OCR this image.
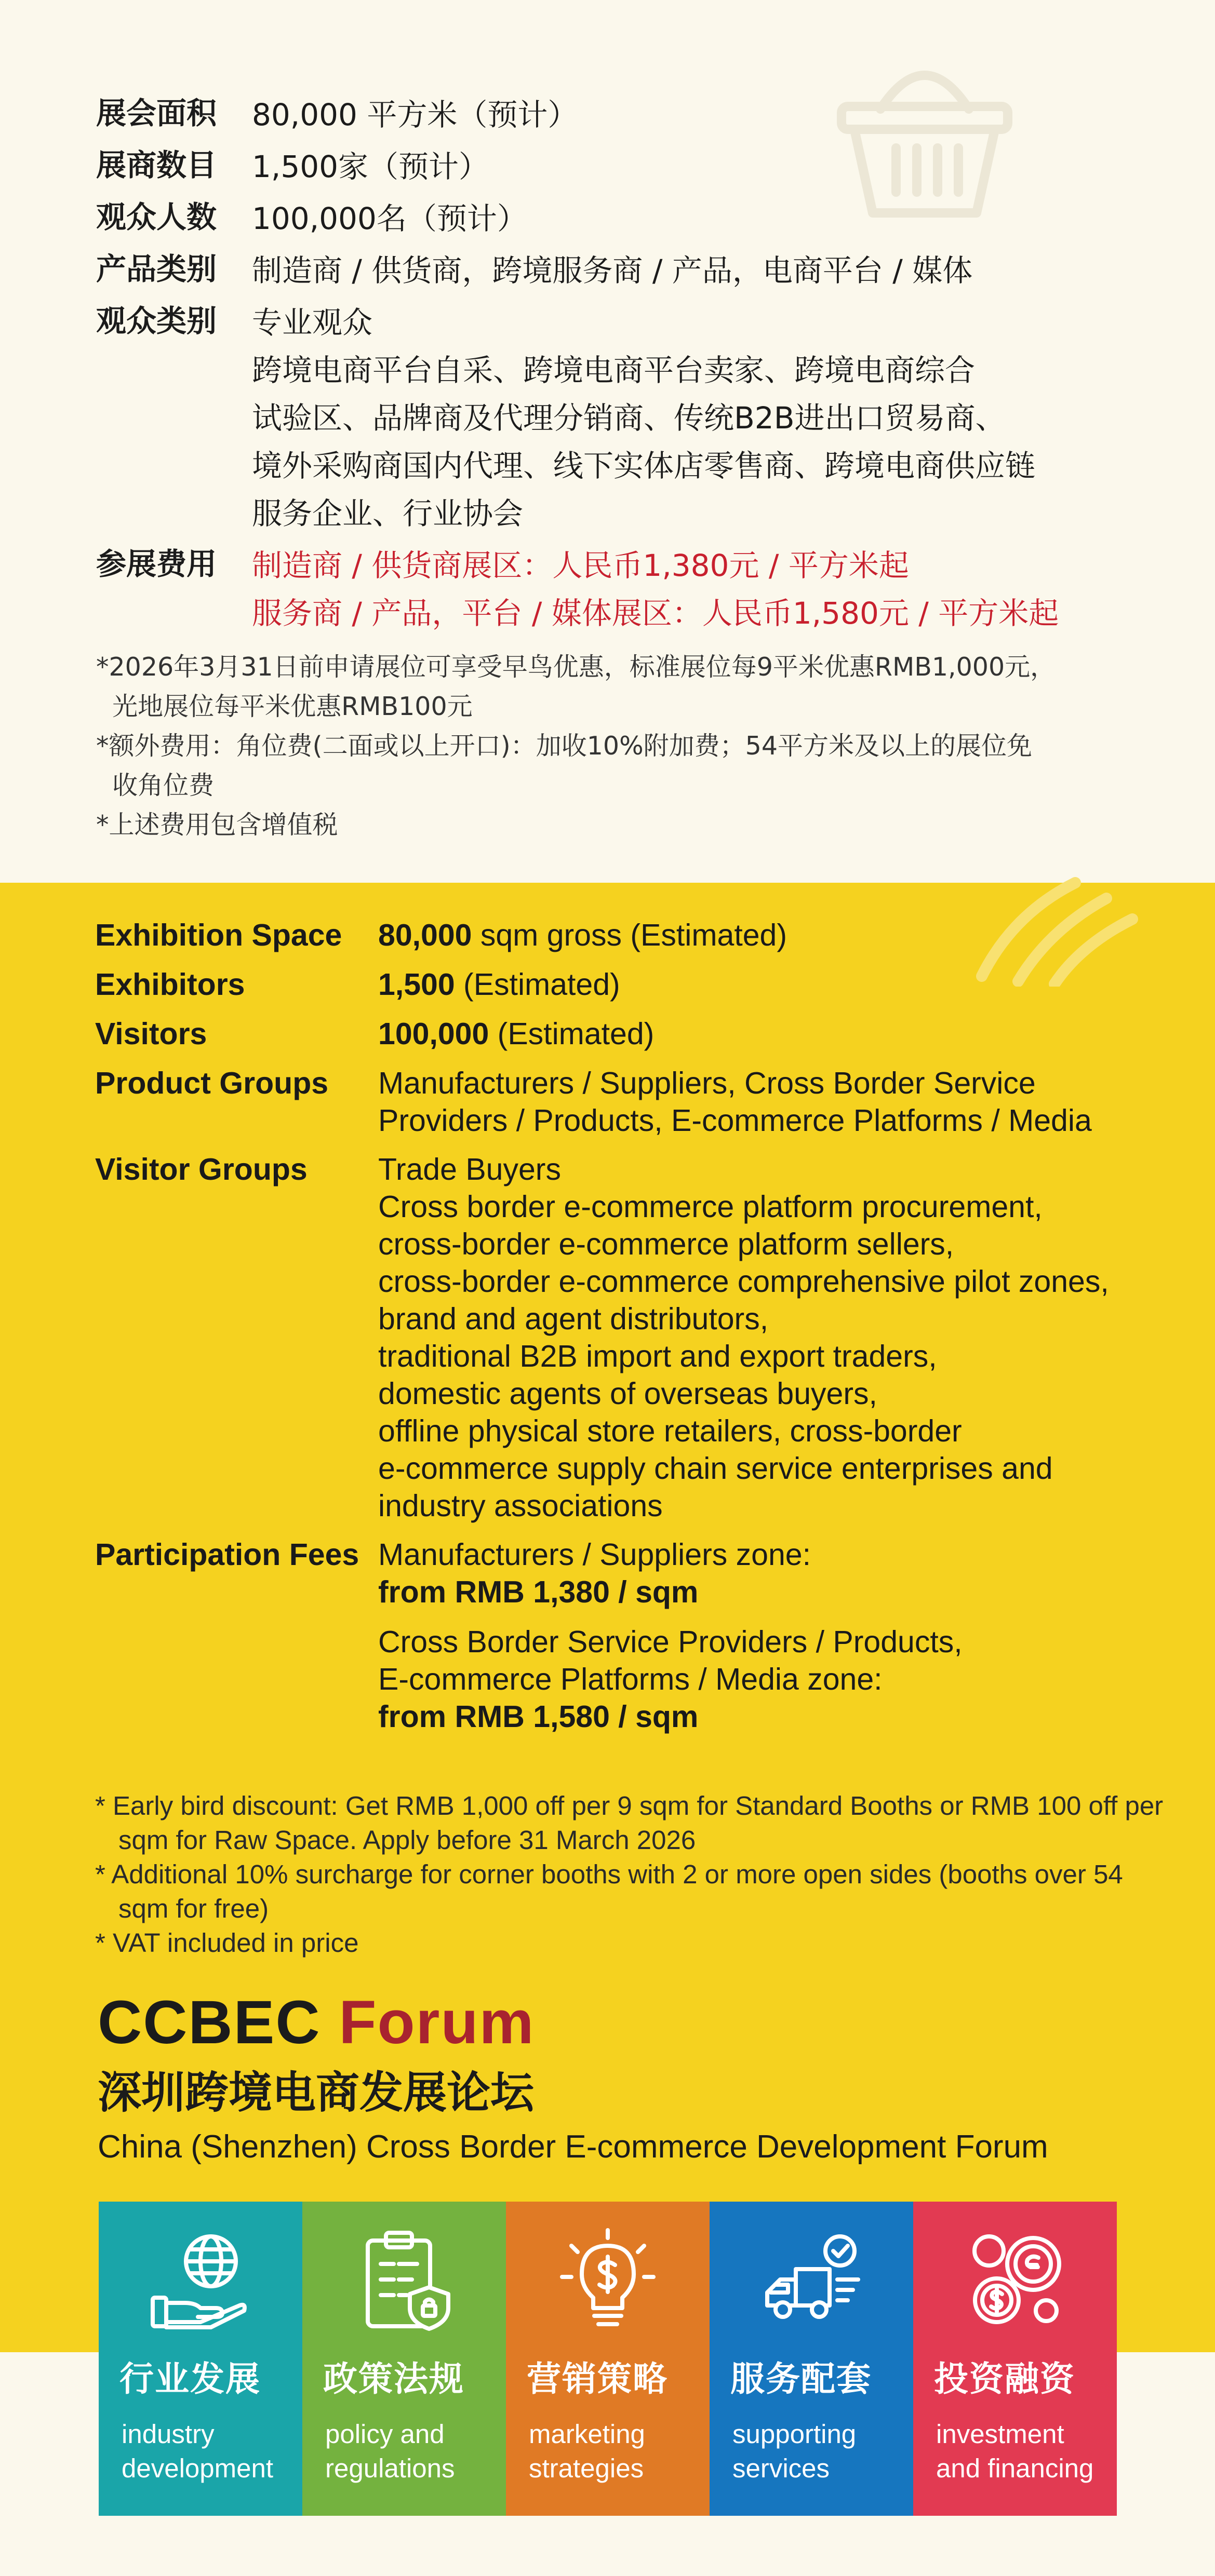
展会面积	80,000 平方米（预计）
展商数目	1,500家（预计）
观众人数	100,000名（预计）
产品类别	制造商 / 供货商，跨境服务商 / 产品，电商平台 / 媒体
观众类别	专业观众
跨境电商平台自采、跨境电商平台卖家、跨境电商综合
试验区、品牌商及代理分销商、传统B2B进出口贸易商、
境外采购商国内代理、线下实体店零售商、跨境电商供应链
服务企业、行业协会
参展费用	制造商 / 供货商展区：人民币1,380元 / 平方米起
服务商 / 产品，平台 / 媒体展区：人民币1,580元 / 平方米起
*2026年3月31日前申请展位可享受早鸟优惠，标准展位每9平米优惠RMB1,000元，
光地展位每平米优惠RMB100元
*额外费用：角位费(二面或以上开口)：加收10%附加费；54平方米及以上的展位免
收角位费
*上述费用包含增值税
Exhibition Space	80,000 sqm gross (Estimated)
Exhibitors	1,500 (Estimated)
Visitors	100,000 (Estimated)
Product Groups	Manufacturers / Suppliers, Cross Border Service
Providers / Products, E-commerce Platforms / Media
Visitor Groups	Trade Buyers
Cross border e-commerce platform procurement,
cross-border e-commerce platform sellers,
cross-border e-commerce comprehensive pilot zones,
brand and agent distributors,
traditional B2B import and export traders,
domestic agents of overseas buyers,
offline physical store retailers, cross-border
e-commerce supply chain service enterprises and
industry associations
Participation Fees Manufacturers / Suppliers zone:
from RMB 1,380 / sqm
Cross Border Service Providers / Products,
E-commerce Platforms / Media zone:
from RMB 1,580 / sqm
* Early bird discount: Get RMB 1,000 off per 9 sqm for Standard Booths or RMB 100 off per sqm for Raw Space. Apply before 31 March 2026
* Additional 10% surcharge for corner booths with 2 or more open sides (booths over 54 sqm for free)
* VAT included in price
CCBEC Forum
深圳跨境电商发展论坛
China (Shenzhen) Cross Border E-commerce Development Forum
行业发展
industry
development
政策法规
policy and
regulations
营销策略
marketing
strategies
服务配套
supporting
services
投资融资
investment
and financing
